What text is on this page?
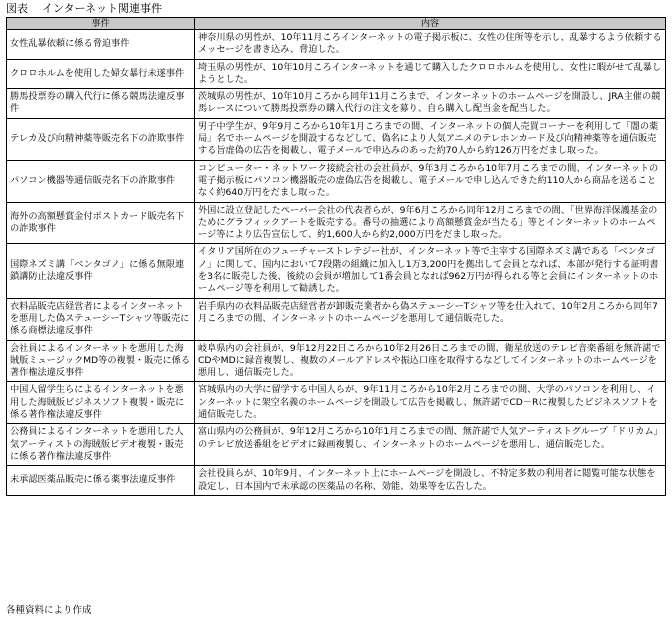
図表 インターネット関連事件
事件	内容
女性乱暴依頼に係る脅迫事件	神奈川県の男性が、10年11月ころインターネットの電子掲示板に、女性の住所等を示し、乱暴するよう依頼するメッセージを書き込み、脅迫した。
クロロホルムを使用した婦女暴行未遂事件	埼玉県の男性が、10年10月ころインターネットを通じて購入したクロロホルムを使用し、女性に暇がせて乱暴しようとした。
勝馬投票券の購入代行に係る競馬法違反事件	茨城県の男性が、10年10月ころから同年11月ころまで、インターネットのホームページを開設し、JRA主催の競馬レースについて勝馬投票券の購入代行の注文を募り、自ら購入し配当金を配当した。
テレカ及び向精神薬等販売名下の詐欺事件	男子中学生が、9年9月ころから10年1月ころまでの間、インターネットの個人売買コーナーを利用して「闇の薬局」名でホームページを開設するなどして、偽名により人気アニメのテレホンカード及び向精神薬等を通信販売する旨虚偽の広告を掲載し、電子メールで申込みのあった約70人から約126万円をだまし取った。
パソコン機器等通信販売名下の詐欺事件	コンピューター・ネットワーク接続会社の会社員が、9年3月ころから10年7月ころまでの間、インターネットの電子掲示板にパソコン機器販売の虚偽広告を掲載し、電子メールで申し込んできた約110人から商品を送ることなく約640万円をだまし取った。
海外の高額懸賞金付ポストカード販売名下の詐欺事件	外国に設立登記したペーパー会社の代表者らが、9年6月ころから同年12月ころまでの間、「世界海洋保護基金のためにグラフィックアートを販売する。番号の抽選により高額懸賞金が当たる」等とインターネットのホームページ等により広告宣伝して、約1,600人から約2,000万円をだまし取った。
国際ネズミ講「ベンタゴノ」に係る無限連鎖講防止法違反事件	イタリア国所在のフューチャーストレテジー社が、インターネット等で主宰する国際ネズミ講である「ベンタゴノ」に関して、国内において7段階の組織に加入し1万3,200円を拠出して会員となれば、本部が発行する証明書を3名に販売した後、後続の会員が増加して1番会員となれば962万円が得られる等と会員にインターネットのホームページ等を利用して勧誘した。
衣料品販売店経営者によるインターネットを悪用した偽ステューシーTシャツ等販売に係る商標法違反事件	岩手県内の衣料品販売店経営者が卸販売業者から偽ステューシーTシャツ等を仕入れて、10年2月ころから同年7月ころまでの間、インターネットのホームページを悪用して通信販売した。
会社員によるインターネットを悪用した海賊版ミュージックMD等の複製・販売に係る著作権法違反事件	岐阜県内の会社員が、9年12月22日ころから10年2月26日ころまでの間、衛星放送のテレビ音楽番組を無許諾でCDやMDに録音複製し、複数のメールアドレスや振込口座を取得するなどしてインターネットのホームページを悪用し、通信販売した。
中国人留学生らによるインターネットを悪用した海賊版ビジネスソフト複製・販売に係る著作権法違反事件	宮城県内の大学に留学する中国人らが、9年11月ころから10年2月ころまでの間、大学のパソコンを利用し、インターネットに架空名義のホームページを開設して広告を掲載し、無許諾でCD－Rに複製したビジネスソフトを通信販売した。
公務員によるインターネットを悪用した人気アーティストの海賊版ビデオ複製・販売に係る著作権法違反事件	富山県内の公務員が、9年12月ころから10年1月ころまでの間、無許諾で人気アーティストグループ「ドリカム」のテレビ放送番組をビデオに録画複製し、インターネットのホームページを悪用し、通信販売した。
未承認医薬品販売に係る薬事法違反事件	会社役員らが、10年9月、インターネット上にホームページを開設し、不特定多数の利用者に閲覧可能な状態を設定し、日本国内で未承認の医薬品の名称、効能、効果等を広告した。
各種資料により作成
